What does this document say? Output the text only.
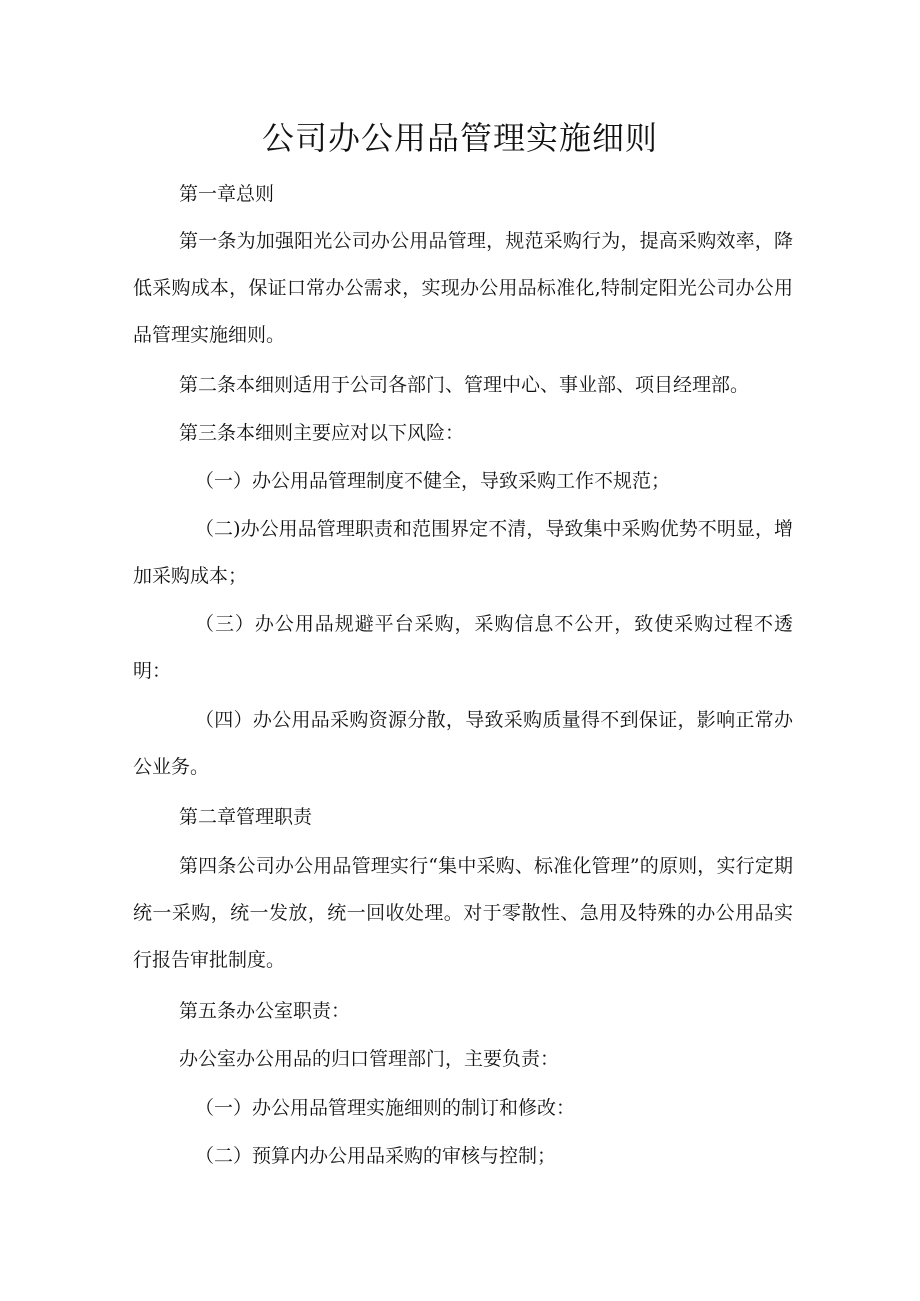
公司办公用品管理实施细则

第一章总则

第一条为加强阳光公司办公用品管理，规范采购行为，提高采购效率，降低采购成本，保证口常办公需求，实现办公用品标准化,特制定阳光公司办公用品管理实施细则。

第二条本细则适用于公司各部门、管理中心、事业部、项目经理部。

第三条本细则主要应对以下风险：

（一）办公用品管理制度不健全，导致采购工作不规范；

（二)办公用品管理职责和范围界定不清，导致集中采购优势不明显，增加采购成本；

（三）办公用品规避平台采购，采购信息不公开，致使采购过程不透明：

（四）办公用品采购资源分散，导致采购质量得不到保证，影响正常办公业务。

第二章管理职责

第四条公司办公用品管理实行“集中采购、标准化管理”的原则，实行定期统一采购，统一发放，统一回收处理。对于零散性、急用及特殊的办公用品实行报告审批制度。

第五条办公室职责：

办公室办公用品的归口管理部门，主要负责：

（一）办公用品管理实施细则的制订和修改：

（二）预算内办公用品采购的审核与控制；
